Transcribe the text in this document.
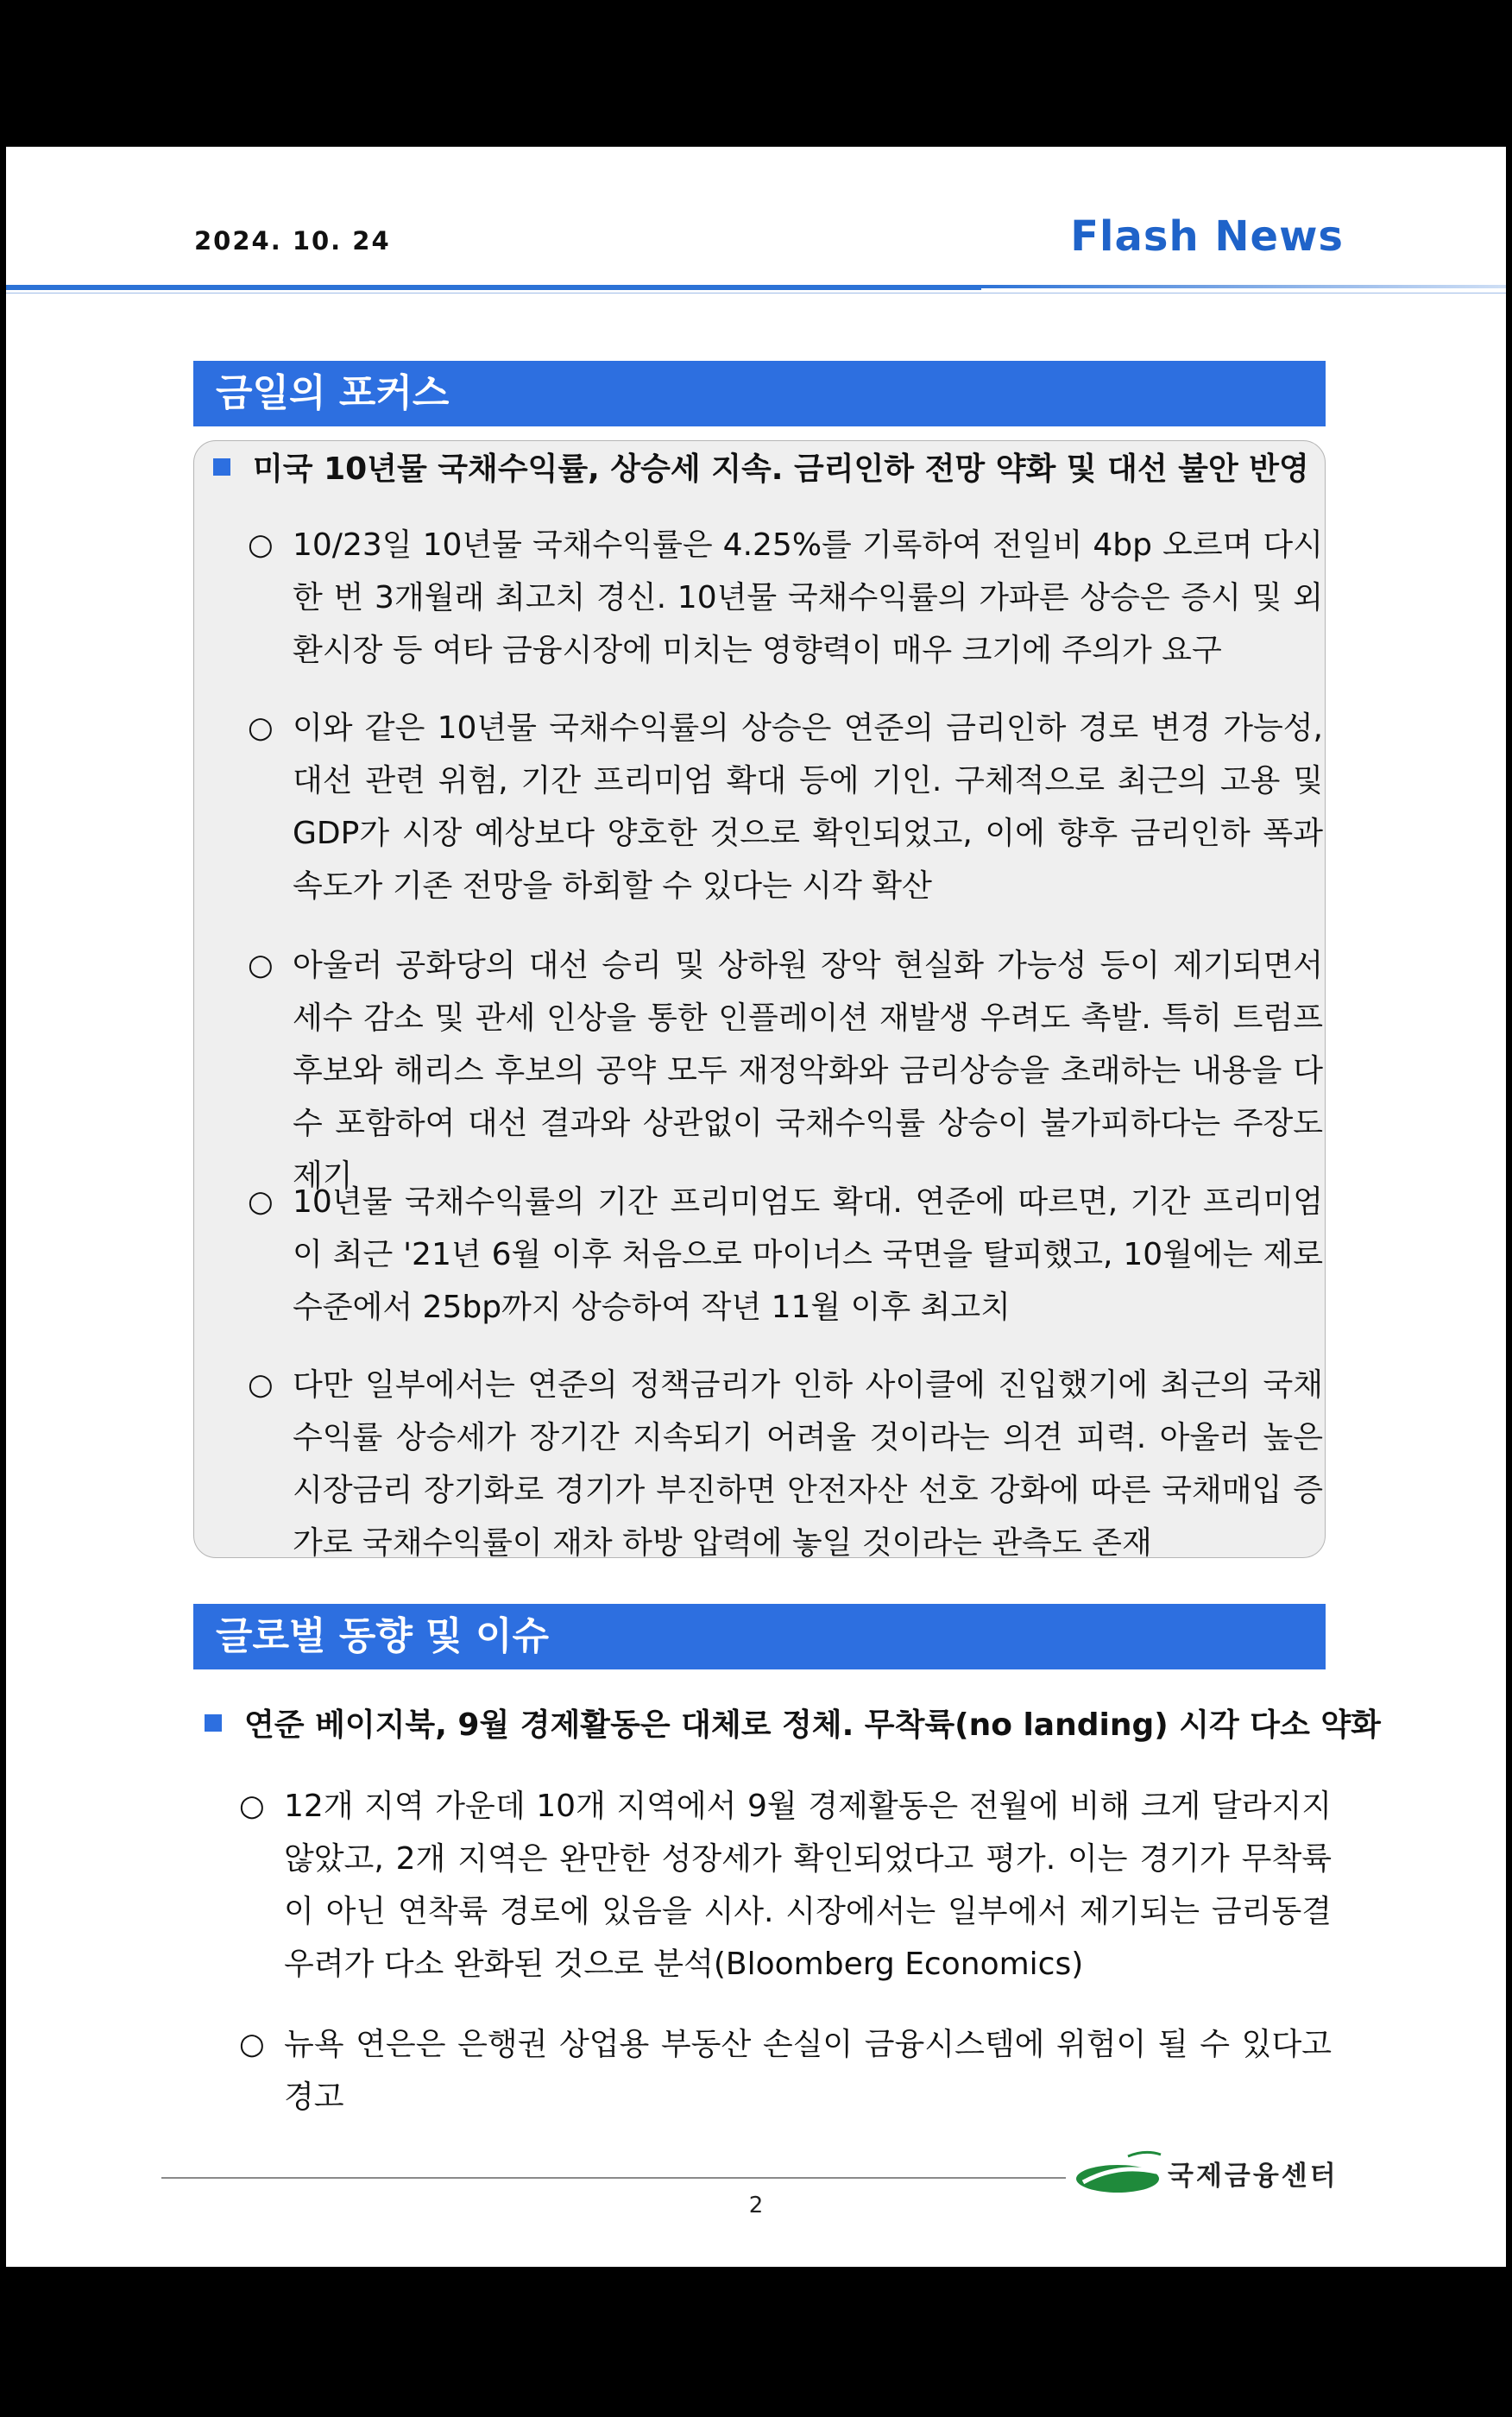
2024. 10. 24	Flash News
금일의 포커스
미국 10년물 국채수익률, 상승세 지속. 금리인하 전망 약화 및 대선 불안 반영
○ 10/23일 10년물 국채수익률은 4.25%를 기록하여 전일비 4bp 오르며 다시 한 번 3개월래 최고치 경신. 10년물 국채수익률의 가파른 상승은 증시 및 외환시장 등 여타 금융시장에 미치는 영향력이 매우 크기에 주의가 요구
○ 이와 같은 10년물 국채수익률의 상승은 연준의 금리인하 경로 변경 가능성, 대선 관련 위험, 기간 프리미엄 확대 등에 기인. 구체적으로 최근의 고용 및 GDP가 시장 예상보다 양호한 것으로 확인되었고, 이에 향후 금리인하 폭과 속도가 기존 전망을 하회할 수 있다는 시각 확산
○ 아울러 공화당의 대선 승리 및 상하원 장악 현실화 가능성 등이 제기되면서 세수 감소 및 관세 인상을 통한 인플레이션 재발생 우려도 촉발. 특히 트럼프 후보와 해리스 후보의 공약 모두 재정악화와 금리상승을 초래하는 내용을 다수 포함하여 대선 결과와 상관없이 국채수익률 상승이 불가피하다는 주장도 제기
○ 10년물 국채수익률의 기간 프리미엄도 확대. 연준에 따르면, 기간 프리미엄이 최근 '21년 6월 이후 처음으로 마이너스 국면을 탈피했고, 10월에는 제로 수준에서 25bp까지 상승하여 작년 11월 이후 최고치
○ 다만 일부에서는 연준의 정책금리가 인하 사이클에 진입했기에 최근의 국채수익률 상승세가 장기간 지속되기 어려울 것이라는 의견 피력. 아울러 높은 시장금리 장기화로 경기가 부진하면 안전자산 선호 강화에 따른 국채매입 증가로 국채수익률이 재차 하방 압력에 놓일 것이라는 관측도 존재
글로벌 동향 및 이슈
연준 베이지북, 9월 경제활동은 대체로 정체. 무착륙(no landing) 시각 다소 약화
○ 12개 지역 가운데 10개 지역에서 9월 경제활동은 전월에 비해 크게 달라지지 않았고, 2개 지역은 완만한 성장세가 확인되었다고 평가. 이는 경기가 무착륙이 아닌 연착륙 경로에 있음을 시사. 시장에서는 일부에서 제기되는 금리동결 우려가 다소 완화된 것으로 분석(Bloomberg Economics)
○ 뉴욕 연은은 은행권 상업용 부동산 손실이 금융시스템에 위험이 될 수 있다고 경고
국제금융센터
2
